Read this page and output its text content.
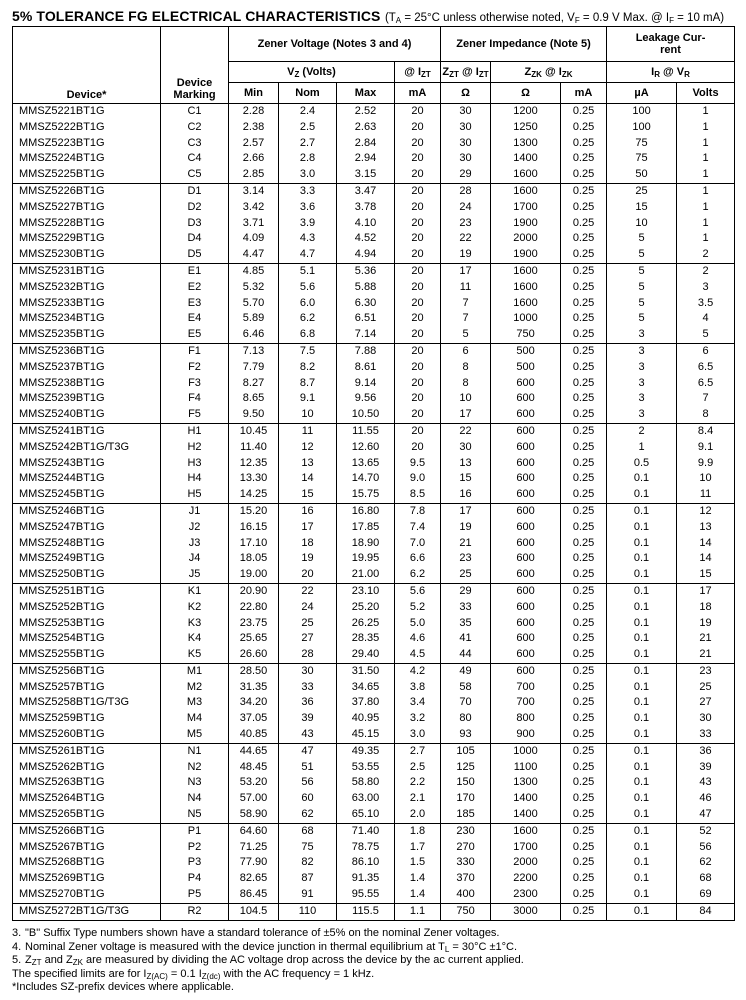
5% TOLERANCE FG ELECTRICAL CHARACTERISTICS ($T_A = 25^\circ C$ unless otherwise noted, $V_F = 0.9$ V Max. @ $I_F = 10$ mA)
Device*	Device
Marking	Zener Voltage (Notes 3 and 4)				Zener Impedance (Note 5)			Leakage Cur-
rent	
		$V_Z$ (Volts)			@ $I_{ZT}$	$Z_{ZT}$ @ $I_{ZT}$	$Z_{ZK}$ @ $I_{ZK}$		$I_R$ @ $V_R$
		Min	Nom	Max	mA	Ω	Ω	mA	µA	Volts
MMSZ5221BT1G	C1	2.28	2.4	2.52	20	30	1200	0.25	100	1
MMSZ5222BT1G	C2	2.38	2.5	2.63	20	30	1250	0.25	100	1
MMSZ5223BT1G	C3	2.57	2.7	2.84	20	30	1300	0.25	75	1
MMSZ5224BT1G	C4	2.66	2.8	2.94	20	30	1400	0.25	75	1
MMSZ5225BT1G	C5	2.85	3.0	3.15	20	29	1600	0.25	50	1
MMSZ5226BT1G	D1	3.14	3.3	3.47	20	28	1600	0.25	25	1
MMSZ5227BT1G	D2	3.42	3.6	3.78	20	24	1700	0.25	15	1
MMSZ5228BT1G	D3	3.71	3.9	4.10	20	23	1900	0.25	10	1
MMSZ5229BT1G	D4	4.09	4.3	4.52	20	22	2000	0.25	5	1
MMSZ5230BT1G	D5	4.47	4.7	4.94	20	19	1900	0.25	5	2
MMSZ5231BT1G	E1	4.85	5.1	5.36	20	17	1600	0.25	5	2
MMSZ5232BT1G	E2	5.32	5.6	5.88	20	11	1600	0.25	5	3
MMSZ5233BT1G	E3	5.70	6.0	6.30	20	7	1600	0.25	5	3.5
MMSZ5234BT1G	E4	5.89	6.2	6.51	20	7	1000	0.25	5	4
MMSZ5235BT1G	E5	6.46	6.8	7.14	20	5	750	0.25	3	5
MMSZ5236BT1G	F1	7.13	7.5	7.88	20	6	500	0.25	3	6
MMSZ5237BT1G	F2	7.79	8.2	8.61	20	8	500	0.25	3	6.5
MMSZ5238BT1G	F3	8.27	8.7	9.14	20	8	600	0.25	3	6.5
MMSZ5239BT1G	F4	8.65	9.1	9.56	20	10	600	0.25	3	7
MMSZ5240BT1G	F5	9.50	10	10.50	20	17	600	0.25	3	8
MMSZ5241BT1G	H1	10.45	11	11.55	20	22	600	0.25	2	8.4
MMSZ5242BT1G/T3G	H2	11.40	12	12.60	20	30	600	0.25	1	9.1
MMSZ5243BT1G	H3	12.35	13	13.65	9.5	13	600	0.25	0.5	9.9
MMSZ5244BT1G	H4	13.30	14	14.70	9.0	15	600	0.25	0.1	10
MMSZ5245BT1G	H5	14.25	15	15.75	8.5	16	600	0.25	0.1	11
MMSZ5246BT1G	J1	15.20	16	16.80	7.8	17	600	0.25	0.1	12
MMSZ5247BT1G	J2	16.15	17	17.85	7.4	19	600	0.25	0.1	13
MMSZ5248BT1G	J3	17.10	18	18.90	7.0	21	600	0.25	0.1	14
MMSZ5249BT1G	J4	18.05	19	19.95	6.6	23	600	0.25	0.1	14
MMSZ5250BT1G	J5	19.00	20	21.00	6.2	25	600	0.25	0.1	15
MMSZ5251BT1G	K1	20.90	22	23.10	5.6	29	600	0.25	0.1	17
MMSZ5252BT1G	K2	22.80	24	25.20	5.2	33	600	0.25	0.1	18
MMSZ5253BT1G	K3	23.75	25	26.25	5.0	35	600	0.25	0.1	19
MMSZ5254BT1G	K4	25.65	27	28.35	4.6	41	600	0.25	0.1	21
MMSZ5255BT1G	K5	26.60	28	29.40	4.5	44	600	0.25	0.1	21
MMSZ5256BT1G	M1	28.50	30	31.50	4.2	49	600	0.25	0.1	23
MMSZ5257BT1G	M2	31.35	33	34.65	3.8	58	700	0.25	0.1	25
MMSZ5258BT1G/T3G	M3	34.20	36	37.80	3.4	70	700	0.25	0.1	27
MMSZ5259BT1G	M4	37.05	39	40.95	3.2	80	800	0.25	0.1	30
MMSZ5260BT1G	M5	40.85	43	45.15	3.0	93	900	0.25	0.1	33
MMSZ5261BT1G	N1	44.65	47	49.35	2.7	105	1000	0.25	0.1	36
MMSZ5262BT1G	N2	48.45	51	53.55	2.5	125	1100	0.25	0.1	39
MMSZ5263BT1G	N3	53.20	56	58.80	2.2	150	1300	0.25	0.1	43
MMSZ5264BT1G	N4	57.00	60	63.00	2.1	170	1400	0.25	0.1	46
MMSZ5265BT1G	N5	58.90	62	65.10	2.0	185	1400	0.25	0.1	47
MMSZ5266BT1G	P1	64.60	68	71.40	1.8	230	1600	0.25	0.1	52
MMSZ5267BT1G	P2	71.25	75	78.75	1.7	270	1700	0.25	0.1	56
MMSZ5268BT1G	P3	77.90	82	86.10	1.5	330	2000	0.25	0.1	62
MMSZ5269BT1G	P4	82.65	87	91.35	1.4	370	2200	0.25	0.1	68
MMSZ5270BT1G	P5	86.45	91	95.55	1.4	400	2300	0.25	0.1	69
MMSZ5272BT1G/T3G	R2	104.5	110	115.5	1.1	750	3000	0.25	0.1	84
3. "B" Suffix Type numbers shown have a standard tolerance of ±5% on the nominal Zener voltages.
4. Nominal Zener voltage is measured with the device junction in thermal equilibrium at $T_L = 30^\circ C \pm 1^\circ C$.
5. $Z_{ZT}$ and $Z_{ZK}$ are measured by dividing the AC voltage drop across the device by the ac current applied.
The specified limits are for $I_{Z(AC)} = 0.1$ $I_{Z(dc)}$ with the AC frequency = 1 kHz.
*Includes SZ-prefix devices where applicable.
